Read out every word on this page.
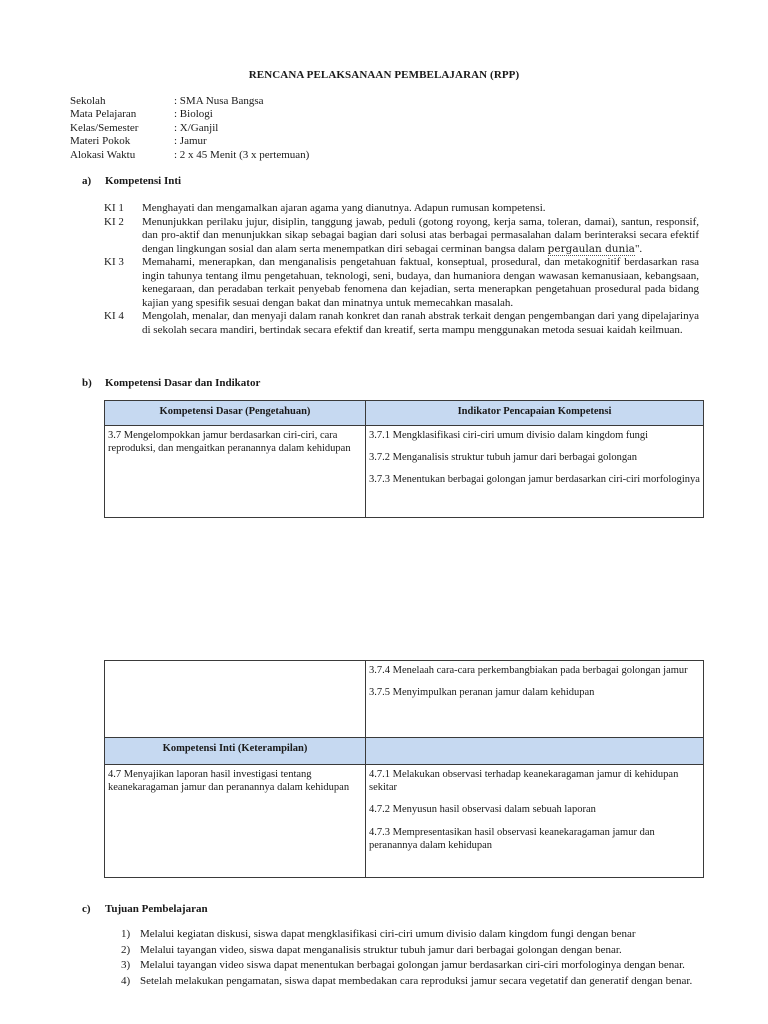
RENCANA PELAKSANAAN PEMBELAJARAN (RPP)
Sekolah	: SMA Nusa Bangsa
Mata Pelajaran	: Biologi
Kelas/Semester	: X/Ganjil
Materi Pokok	: Jamur
Alokasi Waktu	: 2 x 45 Menit (3 x pertemuan)
a) Kompetensi Inti
KI 1	Menghayati dan mengamalkan ajaran agama yang dianutnya. Adapun rumusan kompetensi.
KI 2	Menunjukkan perilaku jujur, disiplin, tanggung jawab, peduli (gotong royong, kerja sama, toleran, damai), santun, responsif, dan pro-aktif dan menunjukkan sikap sebagai bagian dari solusi atas berbagai permasalahan dalam berinteraksi secara efektif dengan lingkungan sosial dan alam serta menempatkan diri sebagai cerminan bangsa dalam pergaulan dunia".
KI 3	Memahami, menerapkan, dan menganalisis pengetahuan faktual, konseptual, prosedural, dan metakognitif berdasarkan rasa ingin tahunya tentang ilmu pengetahuan, teknologi, seni, budaya, dan humaniora dengan wawasan kemanusiaan, kebangsaan, kenegaraan, dan peradaban terkait penyebab fenomena dan kejadian, serta menerapkan pengetahuan prosedural pada bidang kajian yang spesifik sesuai dengan bakat dan minatnya untuk memecahkan masalah.
KI 4	Mengolah, menalar, dan menyaji dalam ranah konkret dan ranah abstrak terkait dengan pengembangan dari yang dipelajarinya di sekolah secara mandiri, bertindak secara efektif dan kreatif, serta mampu menggunakan metoda sesuai kaidah keilmuan.
b) Kompetensi Dasar dan Indikator
Kompetensi Dasar (Pengetahuan)	Indikator Pencapaian Kompetensi
3.7 Mengelompokkan jamur berdasarkan ciri-ciri, cara reproduksi, dan mengaitkan peranannya dalam kehidupan	3.7.1 Mengklasifikasi ciri-ciri umum divisio dalam kingdom fungi
3.7.2 Menganalisis struktur tubuh jamur dari berbagai golongan
3.7.3 Menentukan berbagai golongan jamur berdasarkan ciri-ciri morfologinya

	3.7.4 Menelaah cara-cara perkembangbiakan pada berbagai golongan jamur
3.7.5 Menyimpulkan peranan jamur dalam kehidupan

Kompetensi Inti (Keterampilan)	
4.7 Menyajikan laporan hasil investigasi tentang keanekaragaman jamur dan peranannya dalam kehidupan	4.7.1 Melakukan observasi terhadap keanekaragaman jamur di kehidupan sekitar
4.7.2 Menyusun hasil observasi dalam sebuah laporan
4.7.3 Mempresentasikan hasil observasi keanekaragaman jamur dan peranannya dalam kehidupan
c) Tujuan Pembelajaran
1) Melalui kegiatan diskusi, siswa dapat mengklasifikasi ciri-ciri umum divisio dalam kingdom fungi dengan benar
2) Melalui tayangan video, siswa dapat menganalisis struktur tubuh jamur dari berbagai golongan dengan benar.
3) Melalui tayangan video siswa dapat menentukan berbagai golongan jamur berdasarkan ciri-ciri morfologinya dengan benar.
4) Setelah melakukan pengamatan, siswa dapat membedakan cara reproduksi jamur secara vegetatif dan generatif dengan benar.
